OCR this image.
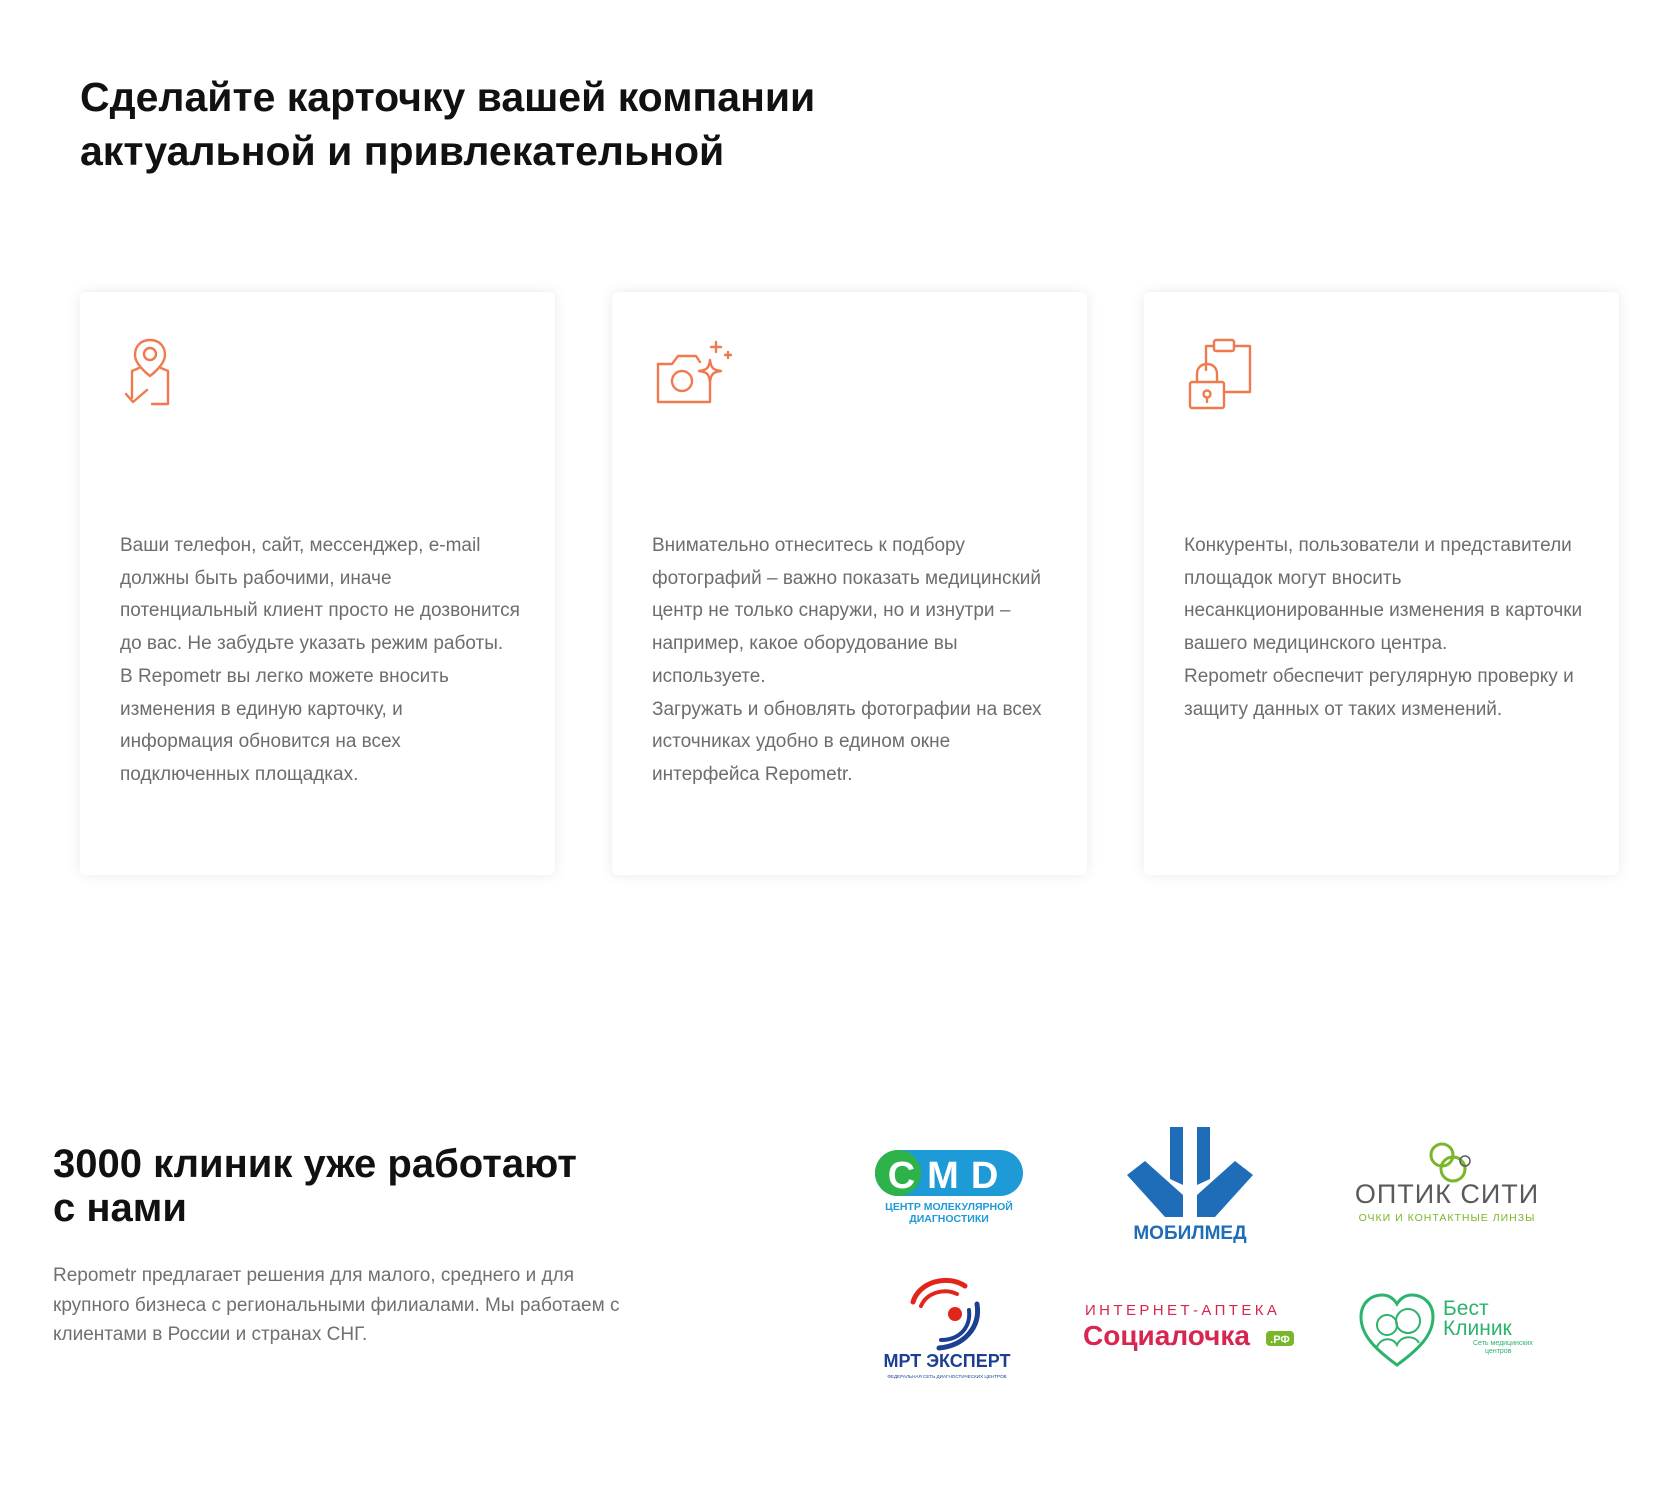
Сделайте карточку вашей компании
актуальной и привлекательной

Ваши телефон, сайт, мессенджер, e-mail должны быть рабочими, иначе потенциальный клиент просто не дозвонится до вас. Не забудьте указать режим работы.

В Repometr вы легко можете вносить изменения в единую карточку, и информация обновится на всех подключенных площадках.

Внимательно отнеситесь к подбору фотографий – важно показать медицинский центр не только снаружи, но и изнутри – например, какое оборудование вы используете.

Загружать и обновлять фотографии на всех источниках удобно в едином окне интерфейса Repometr.

Конкуренты, пользователи и представители площадок могут вносить несанкционированные изменения в карточки вашего медицинского центра.

Repometr обеспечит регулярную проверку и защиту данных от таких изменений.

3000 клиник уже работают
с нами

Repometr предлагает решения для малого, среднего и для крупного бизнеса с региональными филиалами. Мы работаем с клиентами в России и странах СНГ.

CMD
ЦЕНТР МОЛЕКУЛЯРНОЙ
ДИАГНОСТИКИ
МОБИЛМЕД
ОПТИК СИТИ
ОЧКИ И КОНТАКТНЫЕ ЛИНЗЫ
МРТ ЭКСПЕРТ
ФЕДЕРАЛЬНАЯ СЕТЬ ДИАГНОСТИЧЕСКИХ ЦЕНТРОВ
ИНТЕРНЕТ-АПТЕКА
Социалочка .РФ
Бест
Клиник
Сеть медицинских
центров
